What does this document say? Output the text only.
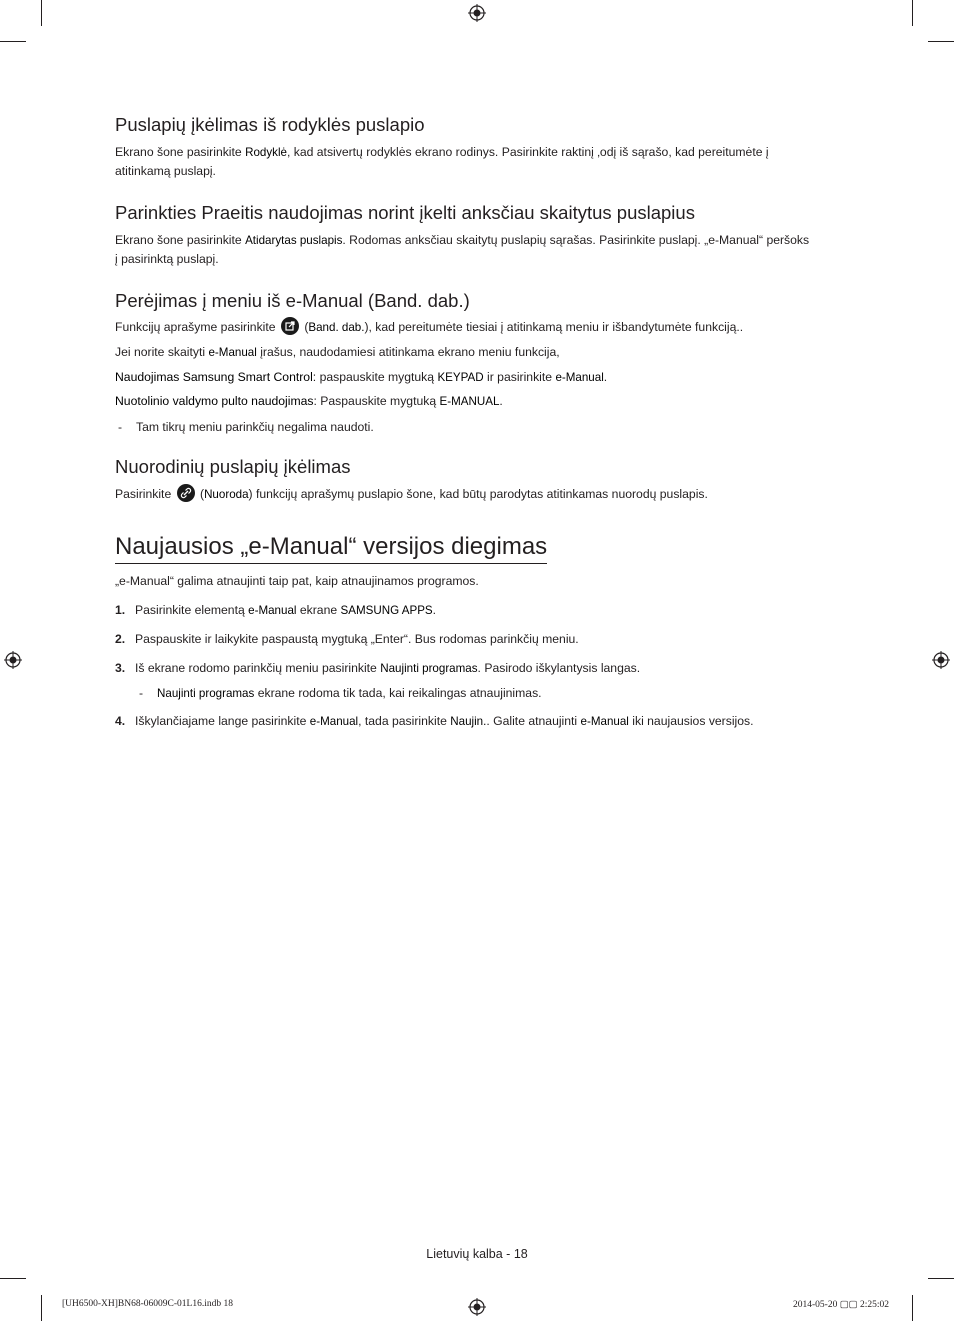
Puslapių įkėlimas iš rodyklės puslapio

Ekrano šone pasirinkite Rodyklė, kad atsivertų rodyklės ekrano rodinys. Pasirinkite raktinį ‚odį iš sąrašo, kad pereitumėte į atitinkamą puslapį.

Parinkties Praeitis naudojimas norint įkelti anksčiau skaitytus puslapius

Ekrano šone pasirinkite Atidarytas puslapis. Rodomas anksčiau skaitytų puslapių sąrašas. Pasirinkite puslapį. „e-Manual“ peršoks į pasirinktą puslapį.

Perėjimas į meniu iš e-Manual (Band. dab.)

Funkcijų aprašyme pasirinkite
(Band. dab.), kad pereitumėte tiesiai į atitinkamą meniu ir išbandytumėte funkciją..

Jei norite skaityti e-Manual įrašus, naudodamiesi atitinkama ekrano meniu funkcija,

Naudojimas Samsung Smart Control: paspauskite mygtuką KEYPAD ir pasirinkite e-Manual.

Nuotolinio valdymo pulto naudojimas: Paspauskite mygtuką E-MANUAL.

- Tam tikrų meniu parinkčių negalima naudoti.
Nuorodinių puslapių įkėlimas

Pasirinkite
(Nuoroda) funkcijų aprašymų puslapio šone, kad būtų parodytas atitinkamas nuorodų puslapis.

Naujausios „e-Manual“ versijos diegimas

„e-Manual“ galima atnaujinti taip pat, kaip atnaujinamos programos.

1. Pasirinkite elementą e-Manual ekrane SAMSUNG APPS.
2. Paspauskite ir laikykite paspaustą mygtuką „Enter“. Bus rodomas parinkčių meniu.
3. Iš ekrane rodomo parinkčių meniu pasirinkite Naujinti programas. Pasirodo iškylantysis langas.
- Naujinti programas ekrane rodoma tik tada, kai reikalingas atnaujinimas.
4. Iškylančiajame lange pasirinkite e-Manual, tada pasirinkite Naujin.. Galite atnaujinti e-Manual iki naujausios versijos.
Lietuvių kalba - 18
[UH6500-XH]BN68-06009C-01L16.indb 18	2014-05-20 ▢▢ 2:25:02
